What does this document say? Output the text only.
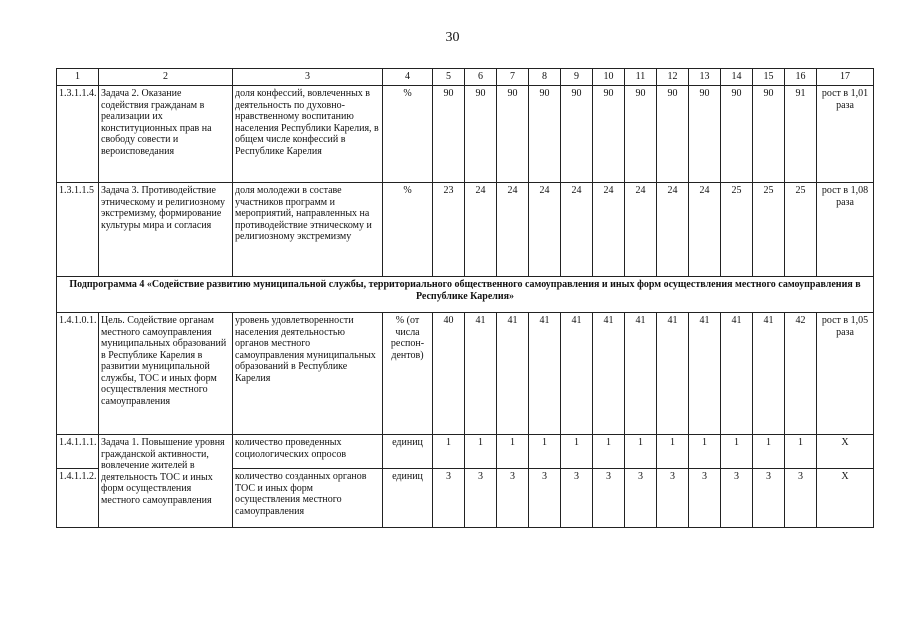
30
1	2	3	4	5	6	7	8	9	10	11	12	13	14	15	16	17
1.3.1.1.4.	Задача 2. Оказание содействия гражданам в реализации их конституционных прав на свободу совести и вероисповедания	доля конфессий, вовлеченных в деятельность по духовно-нравственному воспитанию населения Республики Карелия, в общем числе конфессий в Республике Карелия	%	90	90	90	90	90	90	90	90	90	90	90	91	рост в 1,01 раза
1.3.1.1.5	Задача 3. Противодействие этническому и религиозному экстремизму, формирование культуры мира и согласия	доля молодежи в составе участников программ и мероприятий, направленных на противодействие этническому и религиозному экстремизму	%	23	24	24	24	24	24	24	24	24	25	25	25	рост в 1,08 раза
Подпрограмма 4 «Содействие развитию муниципальной службы, территориального общественного самоуправления и иных форм осуществления местного самоуправления в Республике Карелия»																
1.4.1.0.1.	Цель. Содействие органам местного самоуправления муниципальных образований в Республике Карелия в развитии муниципальной службы, ТОС и иных форм осуществления местного самоуправления	уровень удовлетворенности населения деятельностью органов местного самоуправления муниципальных образований в Республике Карелия	% (от числа респон-дентов)	40	41	41	41	41	41	41	41	41	41	41	42	рост в 1,05 раза
1.4.1.1.1.	Задача 1. Повышение уровня гражданской активности, вовлечение жителей в деятельность ТОС и иных форм осуществления местного самоуправления	количество проведенных социологических опросов	единиц	1	1	1	1	1	1	1	1	1	1	1	1	Х
1.4.1.1.2.		количество созданных органов ТОС и иных форм осуществления местного самоуправления	единиц	3	3	3	3	3	3	3	3	3	3	3	3	Х
